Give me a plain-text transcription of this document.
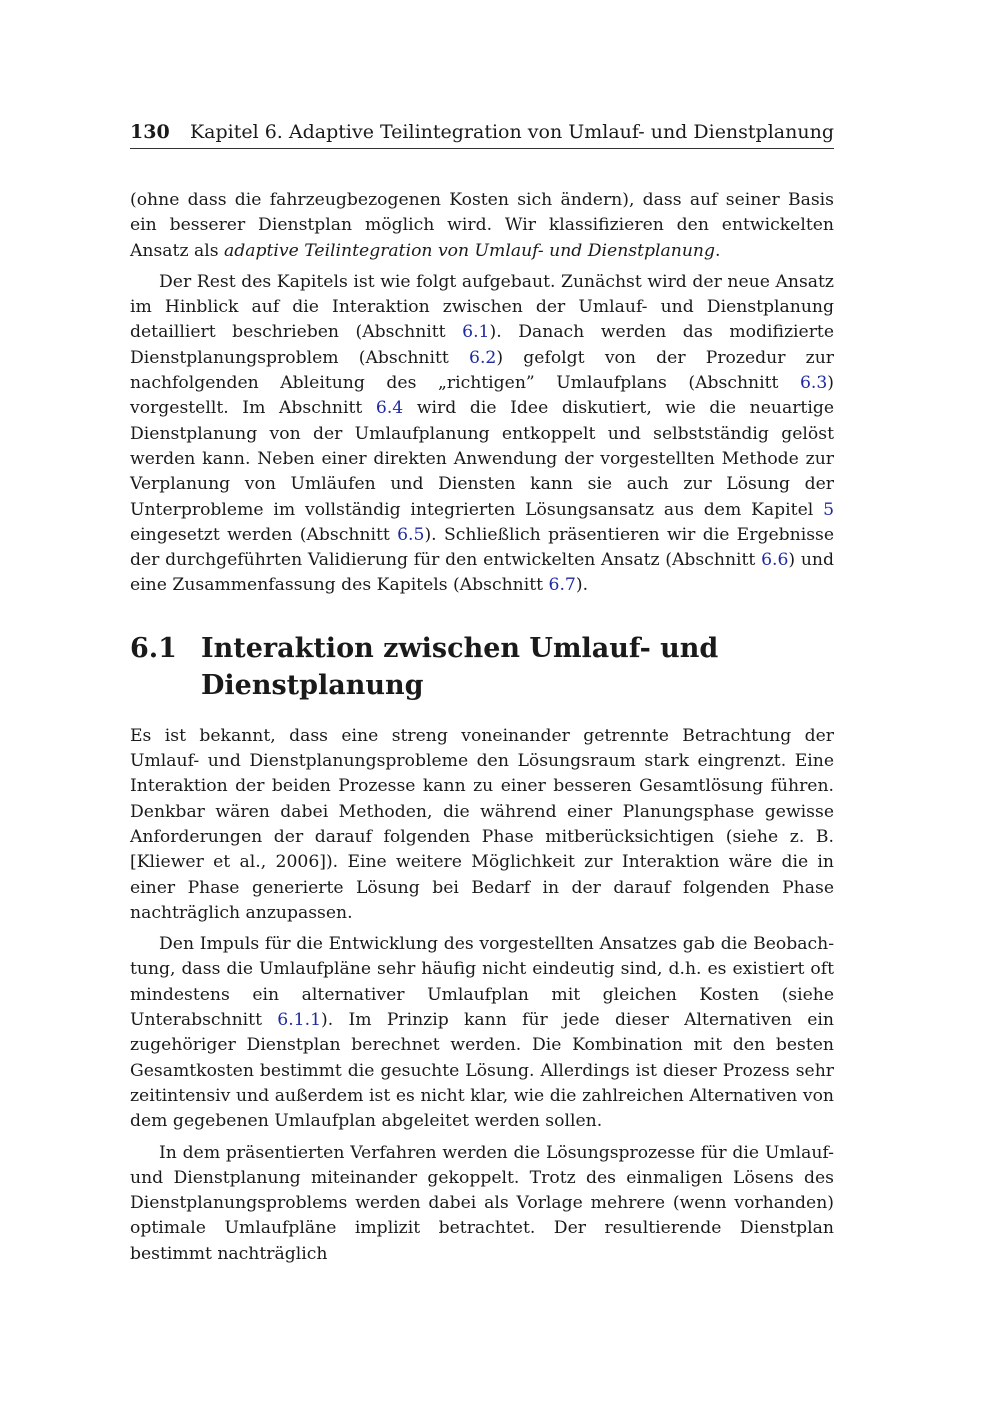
130 Kapitel 6. Adaptive Teilintegration von Umlauf- und Dienstplanung

(ohne dass die fahrzeugbezogenen Kosten sich ändern), dass auf seiner Basis ein besserer Dienstplan möglich wird. Wir klassifizieren den entwickelten Ansatz als adaptive Teilintegration von Umlauf- und Dienstplanung.

Der Rest des Kapitels ist wie folgt aufgebaut. Zunächst wird der neue Ansatz im Hinblick auf die Interaktion zwischen der Umlauf- und Dienstplanung detailliert beschrieben (Abschnitt 6.1). Danach werden das modifizierte Dienstplanungsproblem (Abschnitt 6.2) gefolgt von der Prozedur zur nachfolgenden Ableitung des „richtigen” Umlaufplans (Abschnitt 6.3) vorgestellt. Im Abschnitt 6.4 wird die Idee diskutiert, wie die neuartige Dienstplanung von der Umlaufplanung entkoppelt und selbstständig gelöst werden kann. Neben einer direkten Anwendung der vorgestellten Methode zur Verplanung von Umläufen und Diensten kann sie auch zur Lösung der Unterprobleme im vollständig integrierten Lösungsansatz aus dem Kapitel 5 eingesetzt werden (Abschnitt 6.5). Schließlich präsentieren wir die Ergebnisse der durchgeführten Validierung für den entwickelten Ansatz (Abschnitt 6.6) und eine Zusammenfassung des Kapitels (Abschnitt 6.7).

6.1 Interaktion zwischen Umlauf- und Dienstplanung

Es ist bekannt, dass eine streng voneinander getrennte Betrachtung der Umlauf- und Dienstplanungsprobleme den Lösungsraum stark eingrenzt. Eine Interaktion der beiden Prozesse kann zu einer besseren Gesamtlösung führen. Denkbar wären dabei Methoden, die während einer Planungsphase gewisse Anforderungen der darauf folgenden Phase mitberücksichtigen (siehe z. B. [Kliewer et al., 2006]). Eine weitere Möglichkeit zur Interaktion wäre die in einer Phase generierte Lösung bei Bedarf in der darauf folgenden Phase nachträglich anzupassen.

Den Impuls für die Entwicklung des vorgestellten Ansatzes gab die Beobachtung, dass die Umlaufpläne sehr häufig nicht eindeutig sind, d.h. es existiert oft mindestens ein alternativer Umlaufplan mit gleichen Kosten (siehe Unterabschnitt 6.1.1). Im Prinzip kann für jede dieser Alternativen ein zugehöriger Dienstplan berechnet werden. Die Kombination mit den besten Gesamtkosten bestimmt die gesuchte Lösung. Allerdings ist dieser Prozess sehr zeitintensiv und außerdem ist es nicht klar, wie die zahlreichen Alternativen von dem gegebenen Umlaufplan abgeleitet werden sollen.

In dem präsentierten Verfahren werden die Lösungsprozesse für die Umlauf- und Dienstplanung miteinander gekoppelt. Trotz des einmaligen Lösens des Dienstplanungsproblems werden dabei als Vorlage mehrere (wenn vorhanden) optimale Umlaufpläne implizit betrachtet. Der resultierende Dienstplan bestimmt nachträglich
